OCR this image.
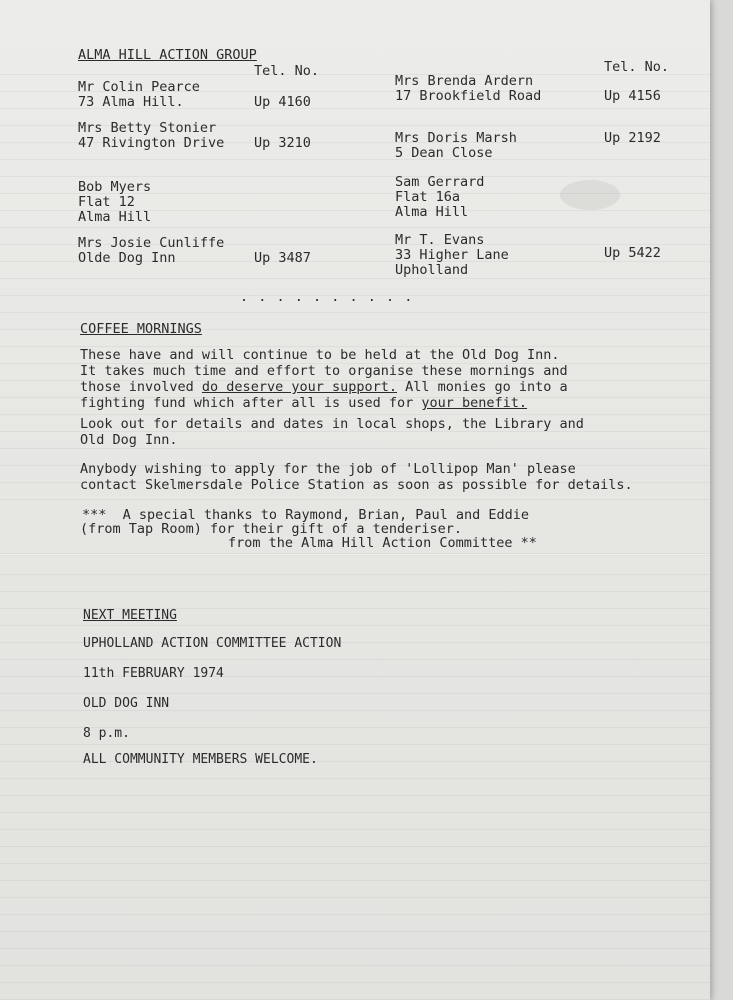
ALMA HILL ACTION GROUP
Tel. No.	Tel. No.
Mr Colin Pearce
73 Alma Hill.	Up 4160
Mrs Betty Stonier
47 Rivington Drive Up 3210
Bob Myers
Flat 12
Alma Hill
Mrs Josie Cunliffe
Olde Dog Inn	Up 3487
Mrs Brenda Ardern
17 Brookfield Road	Up 4156
Mrs Doris Marsh
5 Dean Close
Up 2192
Sam Gerrard
Flat 16a
Alma Hill
Mr T. Evans
33 Higher Lane
Upholland
Up 5422
. . . . . . . . . .
COFFEE MORNINGS
These have and will continue to be held at the Old Dog Inn.
It takes much time and effort to organise these mornings and
those involved do deserve your support. All monies go into a
fighting fund which after all is used for your benefit.
Look out for details and dates in local shops, the Library and
Old Dog Inn.
Anybody wishing to apply for the job of 'Lollipop Man' please
contact Skelmersdale Police Station as soon as possible for details.
***  A special thanks to Raymond, Brian, Paul and Eddie
(from Tap Room) for their gift of a tenderiser.
from the Alma Hill Action Committee **
NEXT MEETING
UPHOLLAND ACTION COMMITTEE ACTION
11th FEBRUARY 1974
OLD DOG INN
8 p.m.
ALL COMMUNITY MEMBERS WELCOME.
